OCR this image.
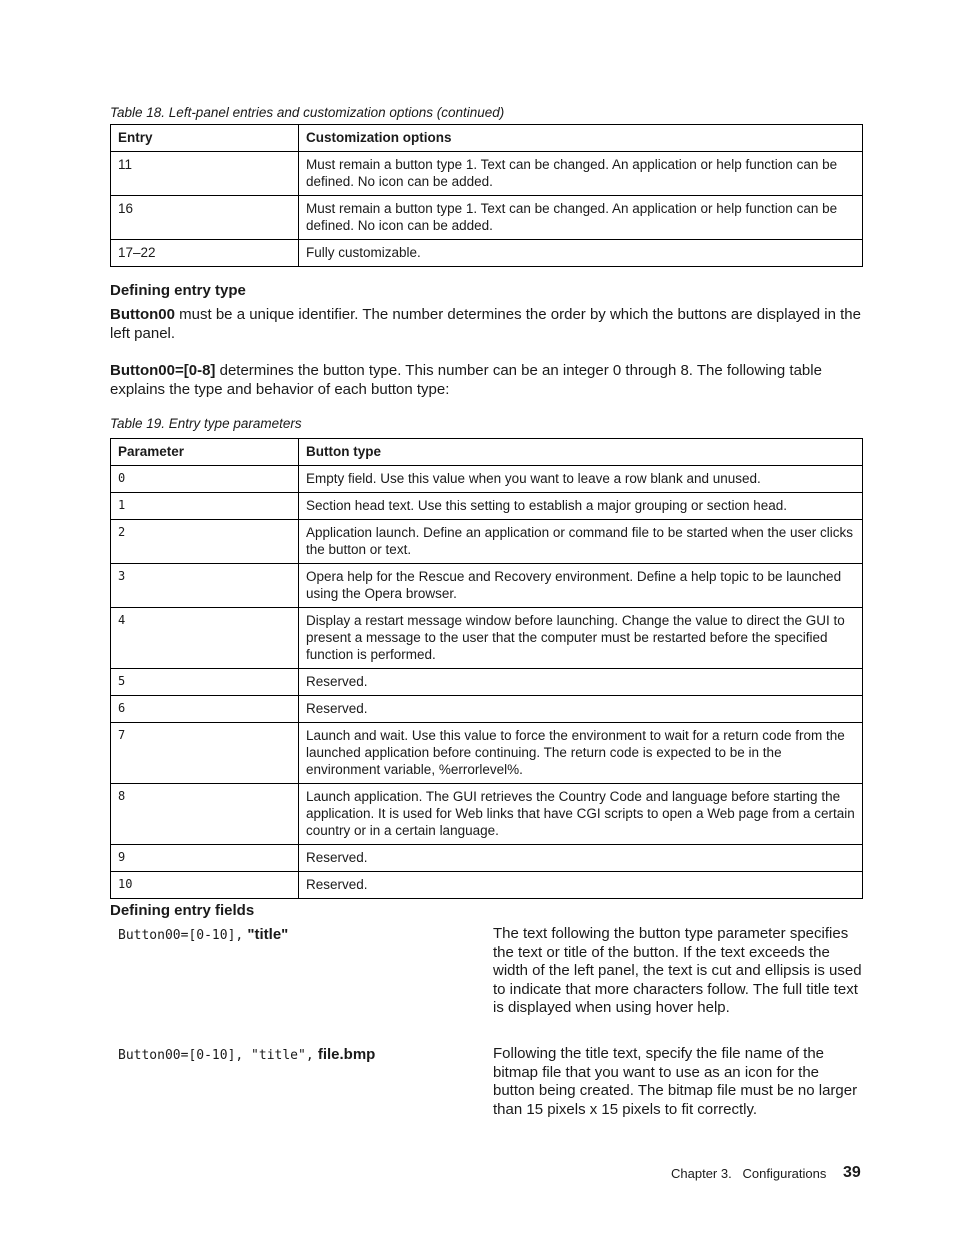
Table 18. Left-panel entries and customization options (continued)
Entry	Customization options
11	Must remain a button type 1. Text can be changed. An application or help function can be defined. No icon can be added.
16	Must remain a button type 1. Text can be changed. An application or help function can be defined. No icon can be added.
17–22	Fully customizable.
Defining entry type
Button00 must be a unique identifier. The number determines the order by which the buttons are displayed in the left panel.
Button00=[0-8] determines the button type. This number can be an integer 0 through 8. The following table explains the type and behavior of each button type:
Table 19. Entry type parameters
Parameter	Button type
0	Empty field. Use this value when you want to leave a row blank and unused.
1	Section head text. Use this setting to establish a major grouping or section head.
2	Application launch. Define an application or command file to be started when the user clicks the button or text.
3	Opera help for the Rescue and Recovery environment. Define a help topic to be launched using the Opera browser.
4	Display a restart message window before launching. Change the value to direct the GUI to present a message to the user that the computer must be restarted before the specified function is performed.
5	Reserved.
6	Reserved.
7	Launch and wait. Use this value to force the environment to wait for a return code from the launched application before continuing. The return code is expected to be in the environment variable, %errorlevel%.
8	Launch application. The GUI retrieves the Country Code and language before starting the application. It is used for Web links that have CGI scripts to open a Web page from a certain country or in a certain language.
9	Reserved.
10	Reserved.
Defining entry fields
Button00=[0-10], "title"	The text following the button type parameter specifies the text or title of the button. If the text exceeds the width of the left panel, the text is cut and ellipsis is used to indicate that more characters follow. The full title text is displayed when using hover help.
Button00=[0-10], "title", file.bmp	Following the title text, specify the file name of the bitmap file that you want to use as an icon for the button being created. The bitmap file must be no larger than 15 pixels x 15 pixels to fit correctly.
Chapter 3.   Configurations 39
